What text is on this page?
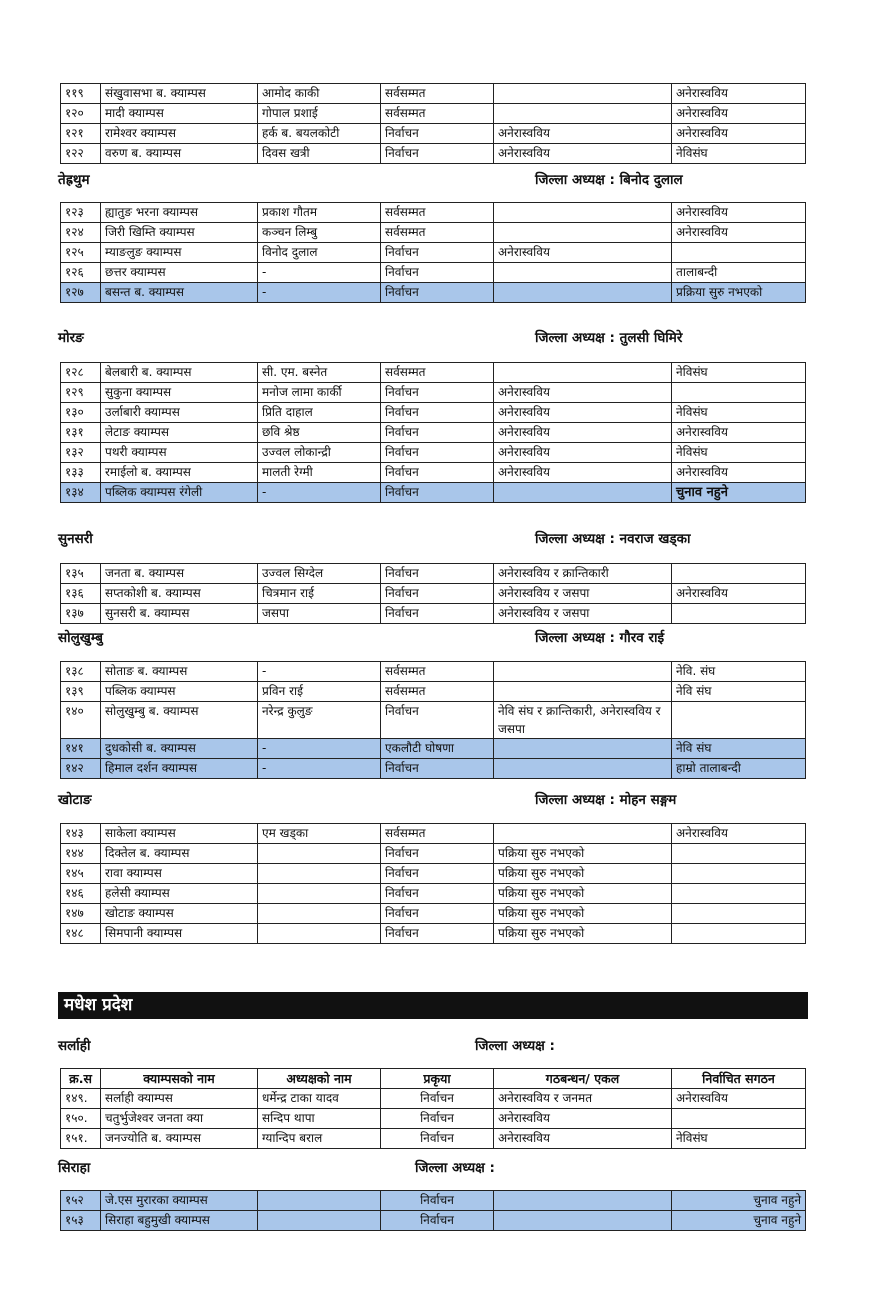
११९	संखुवासभा ब. क्याम्पस	आमोद काकी	सर्वसम्मत		अनेरास्वविय
१२०	मादी क्याम्पस	गोपाल प्रशाई	सर्वसम्मत		अनेरास्वविय
१२१	रामेश्वर क्याम्पस	हर्क ब. बयलकोटी	निर्वाचन	अनेरास्वविय	अनेरास्वविय
१२२	वरुण ब. क्याम्पस	दिवस खत्री	निर्वाचन	अनेरास्वविय	नेविसंघ
तेह्रथुम	जिल्ला अध्यक्ष : बिनोद दुलाल
१२३	ह्यातुङ भरना क्याम्पस	प्रकाश गौतम	सर्वसम्मत		अनेरास्वविय
१२४	जिरी खिम्ति क्याम्पस	कञ्चन लिम्बु	सर्वसम्मत		अनेरास्वविय
१२५	म्याङलुङ क्याम्पस	विनोद दुलाल	निर्वाचन	अनेरास्वविय	
१२६	छत्तर क्याम्पस	-	निर्वाचन		तालाबन्दी
१२७	बसन्त ब. क्याम्पस	-	निर्वाचन		प्रक्रिया सुरु नभएको
मोरङ	जिल्ला अध्यक्ष : तुलसी घिमिरे
१२८	बेलबारी ब. क्याम्पस	सी. एम. बस्नेत	सर्वसम्मत		नेविसंघ
१२९	सुकुना क्याम्पस	मनोज लामा कार्की	निर्वाचन	अनेरास्वविय	
१३०	उर्लाबारी क्याम्पस	प्रिति दाहाल	निर्वाचन	अनेरास्वविय	नेविसंघ
१३१	लेटाङ क्याम्पस	छवि श्रेष्ठ	निर्वाचन	अनेरास्वविय	अनेरास्वविय
१३२	पथरी क्याम्पस	उज्वल लोकान्द्री	निर्वाचन	अनेरास्वविय	नेविसंघ
१३३	रमाईलो ब. क्याम्पस	मालती रेग्मी	निर्वाचन	अनेरास्वविय	अनेरास्वविय
१३४	पब्लिक क्याम्पस रंगेली	-	निर्वाचन		चुनाव नहुने
सुनसरी	जिल्ला अध्यक्ष : नवराज खड्का
१३५	जनता ब. क्याम्पस	उज्वल सिग्देल	निर्वाचन	अनेरास्वविय र क्रान्तिकारी	
१३६	सप्तकोशी ब. क्याम्पस	चित्रमान राई	निर्वाचन	अनेरास्वविय र जसपा	अनेरास्वविय
१३७	सुनसरी ब. क्याम्पस	जसपा	निर्वाचन	अनेरास्वविय र जसपा	
सोलुखुम्बु	जिल्ला अध्यक्ष : गौरव राई
१३८	सोताङ ब. क्याम्पस	-	सर्वसम्मत		नेवि. संघ
१३९	पब्लिक क्याम्पस	प्रविन राई	सर्वसम्मत		नेवि संघ
१४०	सोलुखुम्बु ब. क्याम्पस	नरेन्द्र कुलुङ	निर्वाचन	नेवि संघ र क्रान्तिकारी, अनेरास्वविय र जसपा	
१४१	दुधकोसी ब. क्याम्पस	-	एकलौटी घोषणा		नेवि संघ
१४२	हिमाल दर्शन क्याम्पस	-	निर्वाचन		हाम्रो तालाबन्दी
खोटाङ	जिल्ला अध्यक्ष : मोहन सङ्गम
१४३	साकेला क्याम्पस	एम खड्का	सर्वसम्मत		अनेरास्वविय
१४४	दिक्तेल ब. क्याम्पस		निर्वाचन	पक्रिया सुरु नभएको	
१४५	रावा क्याम्पस		निर्वाचन	पक्रिया सुरु नभएको	
१४६	हलेसी क्याम्पस		निर्वाचन	पक्रिया सुरु नभएको	
१४७	खोटाङ क्याम्पस		निर्वाचन	पक्रिया सुरु नभएको	
१४८	सिमपानी क्याम्पस		निर्वाचन	पक्रिया सुरु नभएको	
मधेश प्रदेश
सर्लाही	जिल्ला अध्यक्ष :
क्र.स	क्याम्पसको नाम	अध्यक्षको नाम	प्रकृया	गठबन्धन/ एकल	निर्वाचित सगठन
१४९.	सर्लाही क्याम्पस	धर्मेन्द्र टाका यादव	निर्वाचन	अनेरास्वविय र जनमत	अनेरास्वविय
१५०.	चतुर्भुजेश्वर जनता क्या	सन्दिप थापा	निर्वाचन	अनेरास्वविय	
१५१.	जनज्योति ब. क्याम्पस	ग्यान्दिप बराल	निर्वाचन	अनेरास्वविय	नेविसंघ
सिराहा	जिल्ला अध्यक्ष :
१५२	जे.एस मुरारका क्याम्पस		निर्वाचन		चुनाव नहुने
१५३	सिराहा बहुमुखी क्याम्पस		निर्वाचन		चुनाव नहुने
